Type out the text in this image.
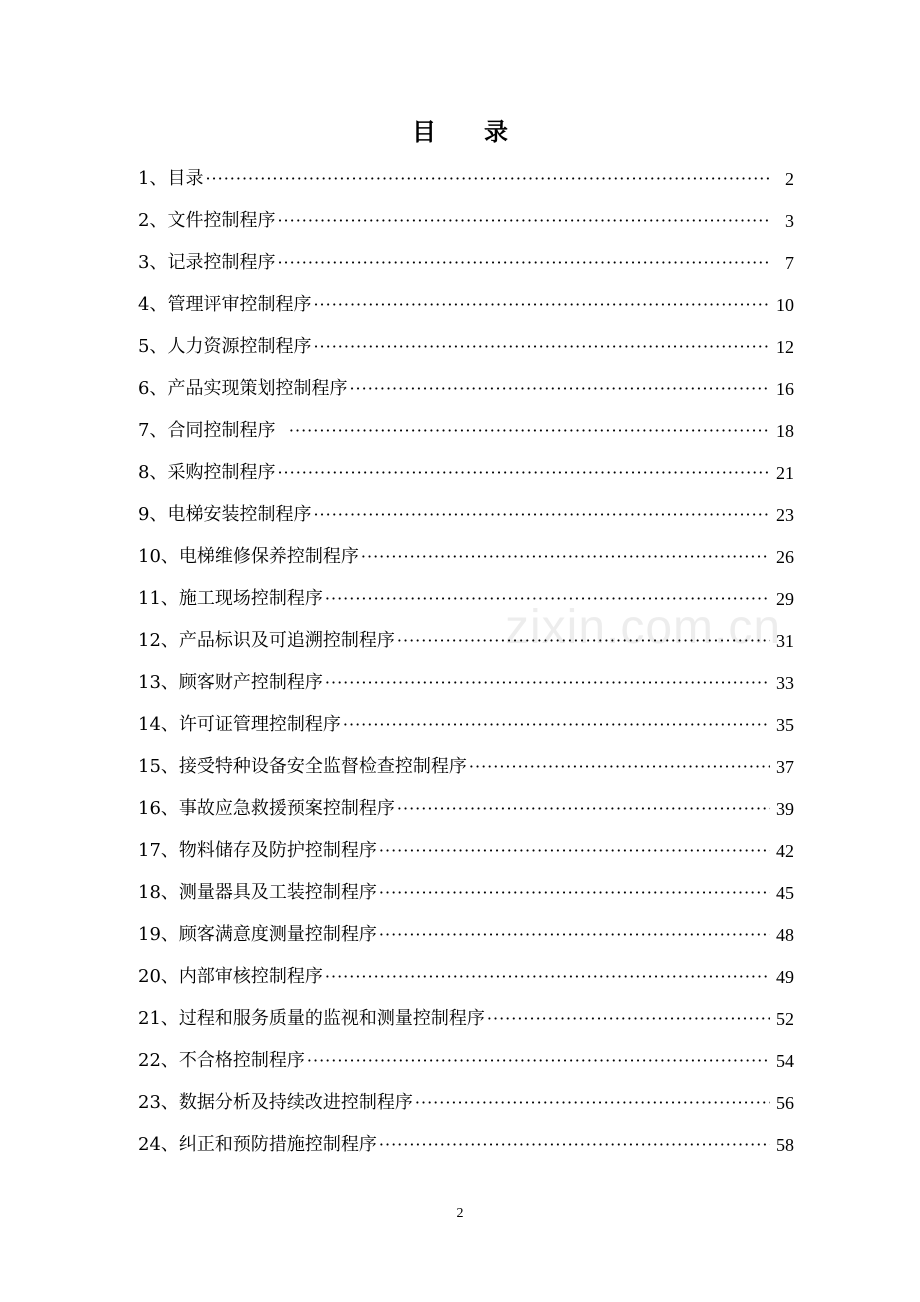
目 录
1、目录 ·····	2
2、文件控制程序 ·····	3
3、记录控制程序 ·····	7
4、管理评审控制程序 ·····	10
5、人力资源控制程序 ·····	12
6、产品实现策划控制程序 ·····	16
7、合同控制程序 ·····	18
8、采购控制程序 ·····	21
9、电梯安装控制程序 ·····	23
10、电梯维修保养控制程序 ·····	26
11、施工现场控制程序 ·····	29
12、产品标识及可追溯控制程序 ·····	31
13、顾客财产控制程序 ·····	33
14、许可证管理控制程序 ·····	35
15、接受特种设备安全监督检查控制程序 ·····	37
16、事故应急救援预案控制程序 ·····	39
17、物料储存及防护控制程序 ·····	42
18、测量器具及工装控制程序 ·····	45
19、顾客满意度测量控制程序 ·····	48
20、内部审核控制程序 ·····	49
21、过程和服务质量的监视和测量控制程序 ·····	52
22、不合格控制程序 ·····	54
23、数据分析及持续改进控制程序 ·····	56
24、纠正和预防措施控制程序 ·····	58
zixin.com.cn
2
